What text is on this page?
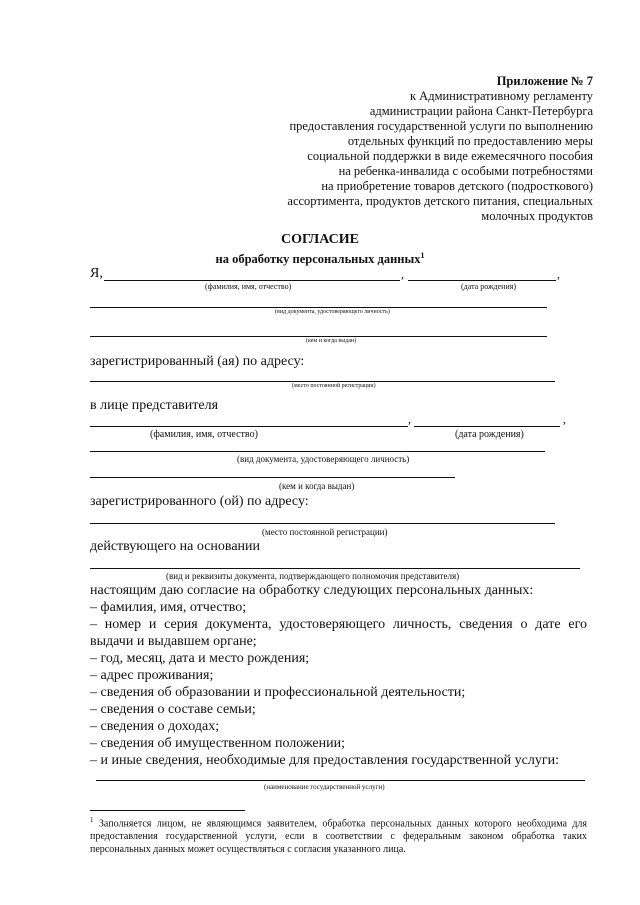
Приложение № 7
к Административному регламенту
администрации района Санкт-Петербурга
предоставления государственной услуги по выполнению
отдельных функций по предоставлению меры
социальной поддержки в виде ежемесячного пособия
на ребенка-инвалида с особыми потребностями
на приобретение товаров детского (подросткового)
ассортимента, продуктов детского питания, специальных
молочных продуктов
СОГЛАСИЕ
на обработку персональных данных$^1$
Я,	,	,
(фамилия, имя, отчество)	(дата рождения)
(вид документа, удостоверяющего личность)
(кем и когда выдан)
зарегистрированный (ая) по адресу:
(место постоянной регистрации)
в лице представителя
,	,
(фамилия, имя, отчество)	(дата рождения)
(вид документа, удостоверяющего личность)
(кем и когда выдан)
зарегистрированного (ой) по адресу:
(место постоянной регистрации)
действующего на основании
(вид и реквизиты документа, подтверждающего полномочия представителя)
настоящим даю согласие на обработку следующих персональных данных:
– фамилия, имя, отчество;
– номер и серия документа, удостоверяющего личность, сведения о дате его выдачи и выдавшем органе;
– год, месяц, дата и место рождения;
– адрес проживания;
– сведения об образовании и профессиональной деятельности;
– сведения о составе семьи;
– сведения о доходах;
– сведения об имущественном положении;
– и иные сведения, необходимые для предоставления государственной услуги:
(наименование государственной услуги)
$^1$ Заполняется лицом, не являющимся заявителем, обработка персональных данных которого необходима для предоставления государственной услуги, если в соответствии с федеральным законом обработка таких персональных данных может осуществляться с согласия указанного лица.
